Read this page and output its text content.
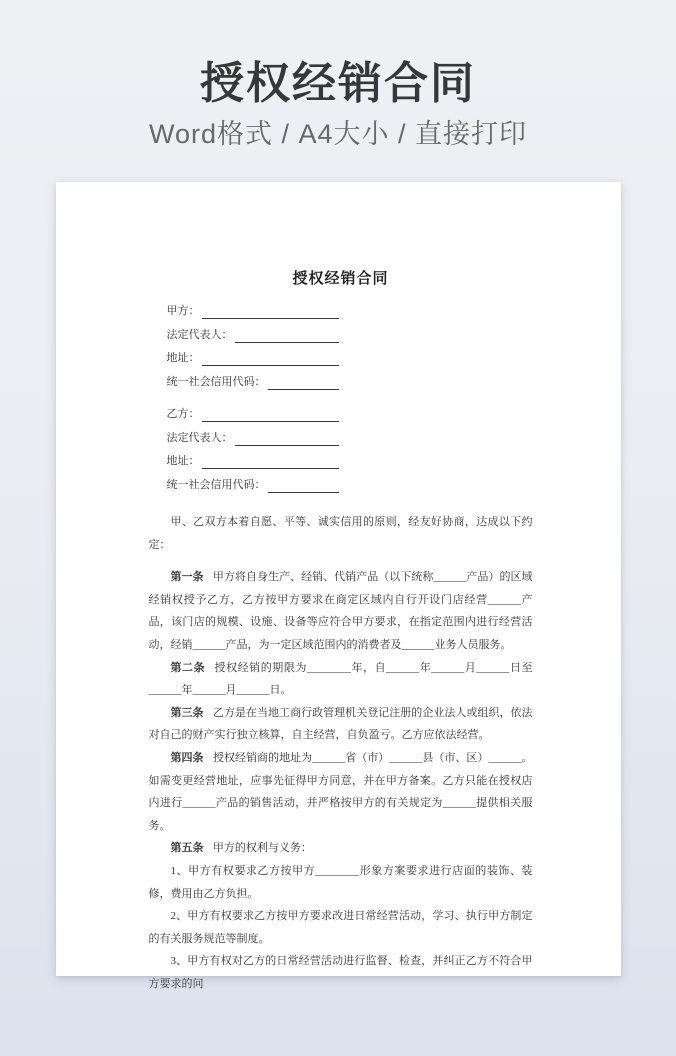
授权经销合同
Word格式 / A4大小 / 直接打印
授权经销合同
甲方：
法定代表人：
地址：
统一社会信用代码：
乙方：
法定代表人：
地址：
统一社会信用代码：

甲、乙双方本着自愿、平等、诚实信用的原则，经友好协商，达成以下约定：

第一条 甲方将自身生产、经销、代销产品（以下统称______产品）的区域经销权授予乙方，乙方按甲方要求在商定区域内自行开设门店经营______产品，该门店的规模、设施、设备等应符合甲方要求，在指定范围内进行经营活动，经销______产品，为一定区域范围内的消费者及______业务人员服务。

第二条 授权经销的期限为________年，自______年______月______日至______年______月______日。

第三条 乙方是在当地工商行政管理机关登记注册的企业法人或组织，依法对自己的财产实行独立核算，自主经营，自负盈亏。乙方应依法经营。

第四条 授权经销商的地址为______省（市）______县（市、区）______。如需变更经营地址，应事先征得甲方同意，并在甲方备案。乙方只能在授权店内进行______产品的销售活动，并严格按甲方的有关规定为______提供相关服务。

第五条 甲方的权利与义务：

1、甲方有权要求乙方按甲方________形象方案要求进行店面的装饰、装修，费用由乙方负担。

2、甲方有权要求乙方按甲方要求改进日常经营活动，学习、执行甲方制定的有关服务规范等制度。

3、甲方有权对乙方的日常经营活动进行监督、检查，并纠正乙方不符合甲方要求的问
